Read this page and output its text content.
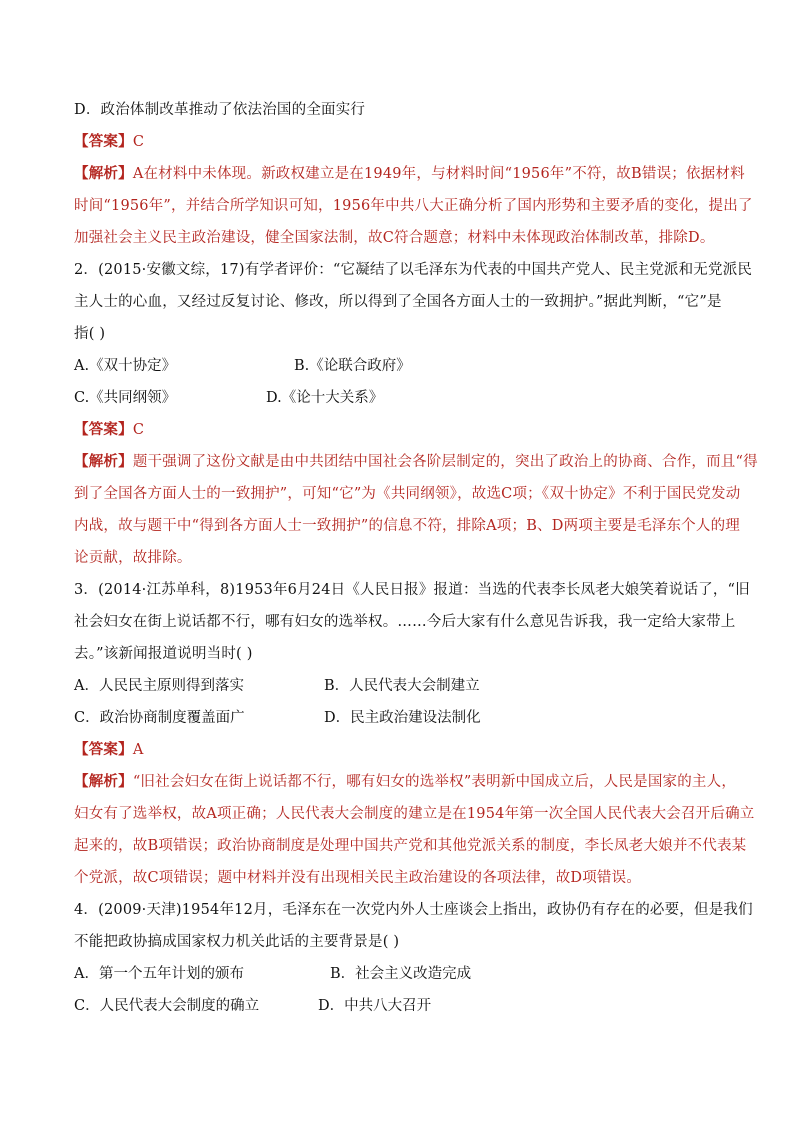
D．政治体制改革推动了依法治国的全面实行
【答案】C
【解析】A在材料中未体现。新政权建立是在1949年，与材料时间“1956年”不符，故B错误；依据材料
时间“1956年”，并结合所学知识可知，1956年中共八大正确分析了国内形势和主要矛盾的变化，提出了
加强社会主义民主政治建设，健全国家法制，故C符合题意；材料中未体现政治体制改革，排除D。
2．(2015·安徽文综，17)有学者评价：“它凝结了以毛泽东为代表的中国共产党人、民主党派和无党派民
主人士的心血，又经过反复讨论、修改，所以得到了全国各方面人士的一致拥护。”据此判断，“它”是
指( )
A.《双十协定》	B.《论联合政府》
C.《共同纲领》	D.《论十大关系》
【答案】C
【解析】题干强调了这份文献是由中共团结中国社会各阶层制定的，突出了政治上的协商、合作，而且“得
到了全国各方面人士的一致拥护”，可知“它”为《共同纲领》，故选C项；《双十协定》不利于国民党发动
内战，故与题干中“得到各方面人士一致拥护”的信息不符，排除A项；B、D两项主要是毛泽东个人的理
论贡献，故排除。
3．(2014·江苏单科，8)1953年6月24日《人民日报》报道：当选的代表李长凤老大娘笑着说话了，“旧
社会妇女在街上说话都不行，哪有妇女的选举权。……今后大家有什么意见告诉我，我一定给大家带上
去。”该新闻报道说明当时( )
A．人民民主原则得到落实	B．人民代表大会制建立
C．政治协商制度覆盖面广	D．民主政治建设法制化
【答案】A
【解析】“旧社会妇女在街上说话都不行，哪有妇女的选举权”表明新中国成立后，人民是国家的主人，
妇女有了选举权，故A项正确；人民代表大会制度的建立是在1954年第一次全国人民代表大会召开后确立
起来的，故B项错误；政治协商制度是处理中国共产党和其他党派关系的制度，李长凤老大娘并不代表某
个党派，故C项错误；题中材料并没有出现相关民主政治建设的各项法律，故D项错误。
4．(2009·天津)1954年12月，毛泽东在一次党内外人士座谈会上指出，政协仍有存在的必要，但是我们
不能把政协搞成国家权力机关此话的主要背景是( )
A．第一个五年计划的颁布	B．社会主义改造完成
C．人民代表大会制度的确立	D．中共八大召开
